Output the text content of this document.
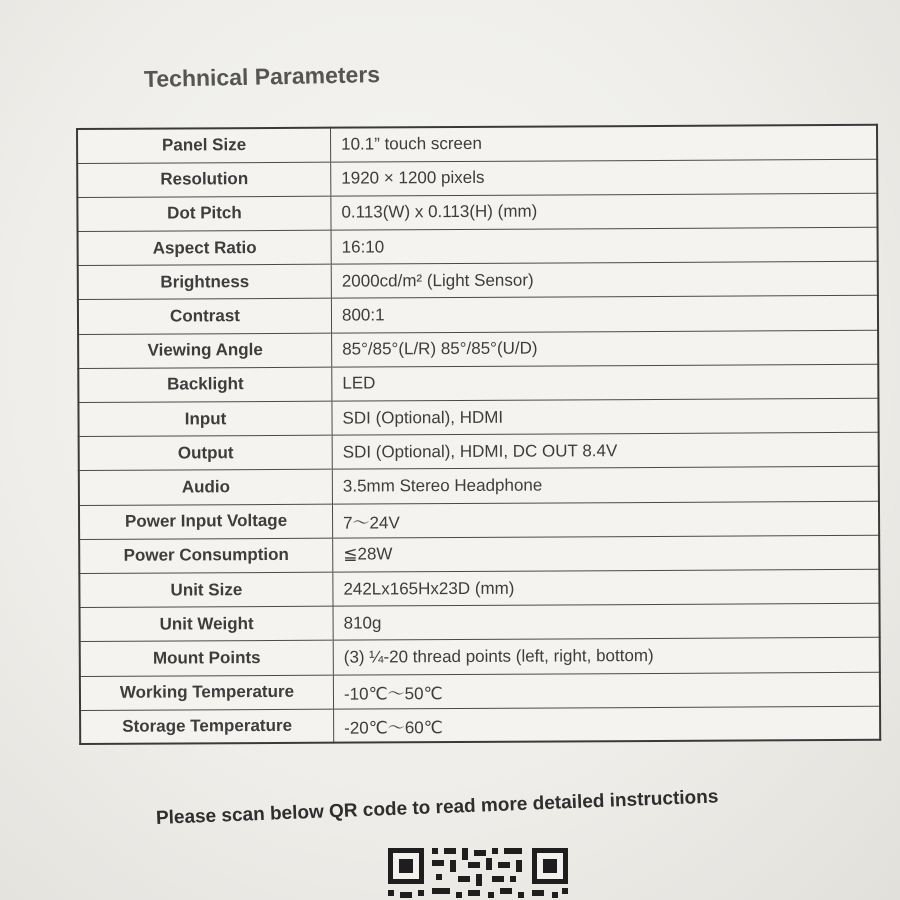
Technical Parameters
Panel Size	10.1” touch screen
Resolution	1920 × 1200 pixels
Dot Pitch	0.113(W) x 0.113(H) (mm)
Aspect Ratio	16:10
Brightness	2000cd/m² (Light Sensor)
Contrast	800:1
Viewing Angle	85°/85°(L/R) 85°/85°(U/D)
Backlight	LED
Input	SDI (Optional), HDMI
Output	SDI (Optional), HDMI, DC OUT 8.4V
Audio	3.5mm Stereo Headphone
Power Input Voltage	7～24V
Power Consumption	≦28W
Unit Size	242Lx165Hx23D (mm)
Unit Weight	810g
Mount Points	(3) ¼-20 thread points (left, right, bottom)
Working Temperature	-10℃～50℃
Storage Temperature	-20℃～60℃
Please scan below QR code to read more detailed instructions
